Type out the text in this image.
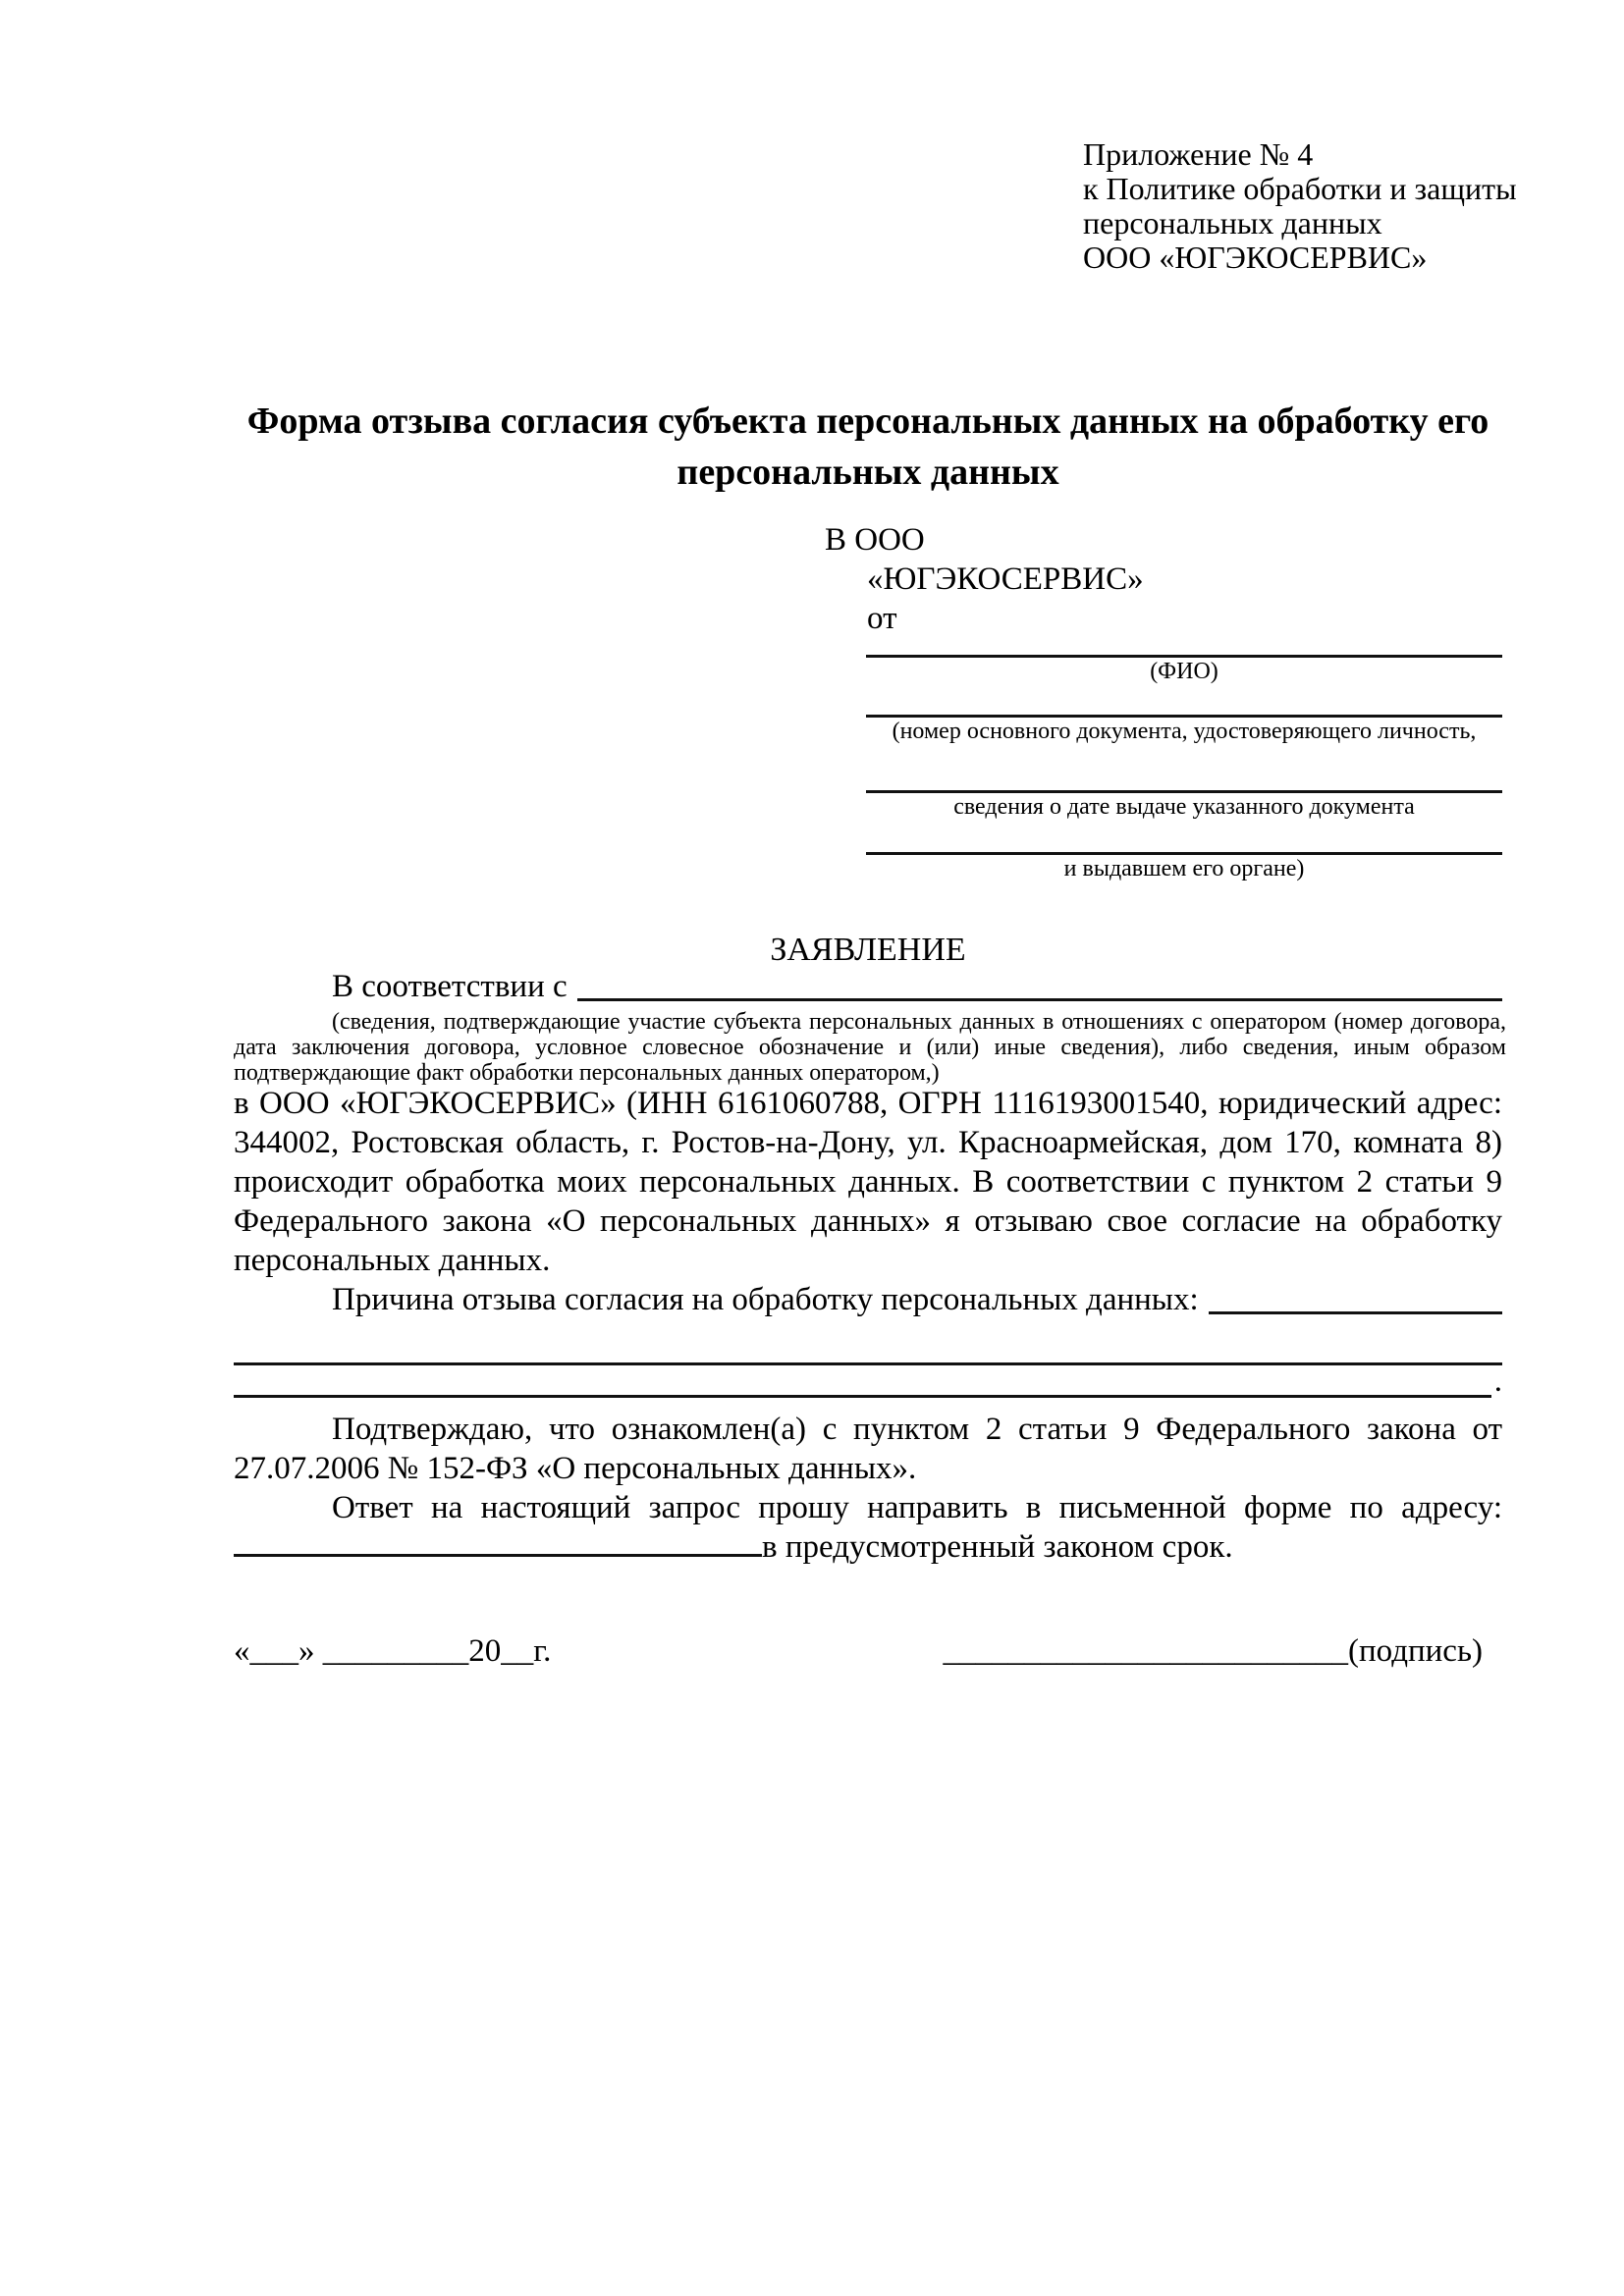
Приложение № 4
к Политике обработки и защиты
персональных данных
ООО «ЮГЭКОСЕРВИС»
Форма отзыва согласия субъекта персональных данных на обработку его персональных данных
В ООО
«ЮГЭКОСЕРВИС»
от
(ФИО)
(номер основного документа, удостоверяющего личность,
сведения о дате выдаче указанного документа
и выдавшем его органе)
ЗАЯВЛЕНИЕ
В соответствии с
(сведения, подтверждающие участие субъекта персональных данных в отношениях с оператором (номер договора, дата заключения договора, условное словесное обозначение и (или) иные сведения), либо сведения, иным образом подтверждающие факт обработки персональных данных оператором,)
в ООО «ЮГЭКОСЕРВИС» (ИНН 6161060788, ОГРН 1116193001540, юридический адрес: 344002, Ростовская область, г. Ростов-на-Дону, ул. Красноармейская, дом 170, комната 8) происходит обработка моих персональных данных. В соответствии с пунктом 2 статьи 9 Федерального закона «О персональных данных» я отзываю свое согласие на обработку персональных данных.
Причина отзыва согласия на обработку персональных данных:
.
Подтверждаю, что ознакомлен(а) с пунктом 2 статьи 9 Федерального закона от 27.07.2006 № 152-ФЗ «О персональных данных».
Ответ на настоящий запрос прошу направить в письменной форме по адресу: в предусмотренный законом срок.
«___» _________20__г.	_________________________(подпись)
